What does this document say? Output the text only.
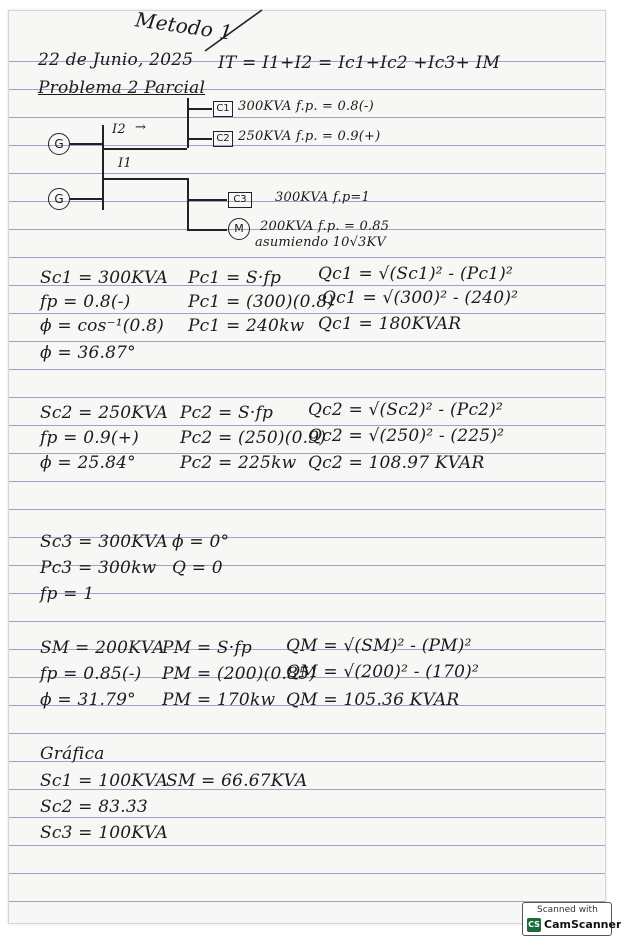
Metodo 1
22 de Junio, 2025 IT = I1+I2 = Ic1+Ic2 +Ic3+ IM
Problema 2 Parcial
G
G
I2 →
I1
C1
C2
300KVA f.p. = 0.8(-)
250KVA f.p. = 0.9(+)
C3	300KVA f.p=1
M	200KVA f.p. = 0.85
asumiendo 10√3KV
Sc1 = 300KVA Pc1 = S·fp Qc1 = √(Sc1)² - (Pc1)²
fp = 0.8(-)	Pc1 = (300)(0.8)
Qc1 = √(300)² - (240)²
ϕ = cos⁻¹(0.8) Pc1 = 240kw Qc1 = 180KVAR
ϕ = 36.87°
Sc2 = 250KVA Pc2 = S·fp Qc2 = √(Sc2)² - (Pc2)²
fp = 0.9(+) Pc2 = (250)(0.9)
Qc2 = √(250)² - (225)²
ϕ = 25.84°	Pc2 = 225kw Qc2 = 108.97 KVAR
Sc3 = 300KVA ϕ = 0°
Pc3 = 300kw Q = 0
fp = 1
SM = 200KVA
PM = S·fp QM = √(SM)² - (PM)²
fp = 0.85(-) PM = (200)(0.85)
QM = √(200)² - (170)²
ϕ = 31.79° PM = 170kw QM = 105.36 KVAR
Gráfica
Sc1 = 100KVA
SM = 66.67KVA
Sc2 = 83.33
Sc3 = 100KVA
Scanned with
CS CamScanner
